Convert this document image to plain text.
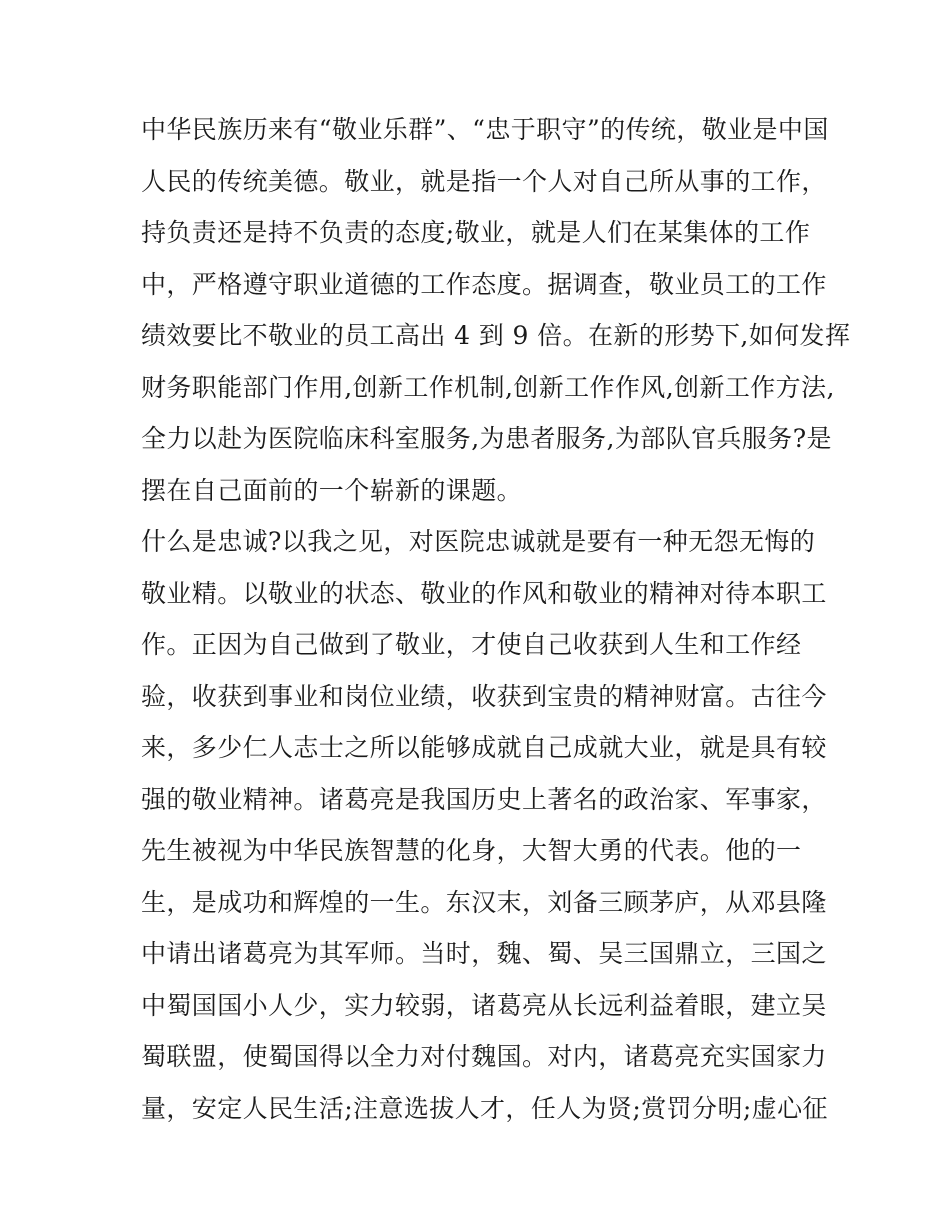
中华民族历来有“敬业乐群”、“忠于职守”的传统，敬业是中国
人民的传统美德。敬业，就是指一个人对自己所从事的工作，
持负责还是持不负责的态度;敬业，就是人们在某集体的工作
中，严格遵守职业道德的工作态度。据调查，敬业员工的工作
绩效要比不敬业的员工高出 4 到 9 倍。在新的形势下,如何发挥
财务职能部门作用,创新工作机制,创新工作作风,创新工作方法,
全力以赴为医院临床科室服务,为患者服务,为部队官兵服务?是
摆在自己面前的一个崭新的课题。
什么是忠诚?以我之见，对医院忠诚就是要有一种无怨无悔的
敬业精。以敬业的状态、敬业的作风和敬业的精神对待本职工
作。正因为自己做到了敬业，才使自己收获到人生和工作经
验，收获到事业和岗位业绩，收获到宝贵的精神财富。古往今
来，多少仁人志士之所以能够成就自己成就大业，就是具有较
强的敬业精神。诸葛亮是我国历史上著名的政治家、军事家，
先生被视为中华民族智慧的化身，大智大勇的代表。他的一
生，是成功和辉煌的一生。东汉末，刘备三顾茅庐，从邓县隆
中请出诸葛亮为其军师。当时，魏、蜀、吴三国鼎立，三国之
中蜀国国小人少，实力较弱，诸葛亮从长远利益着眼，建立吴
蜀联盟，使蜀国得以全力对付魏国。对内，诸葛亮充实国家力
量，安定人民生活;注意选拔人才，任人为贤;赏罚分明;虚心征
